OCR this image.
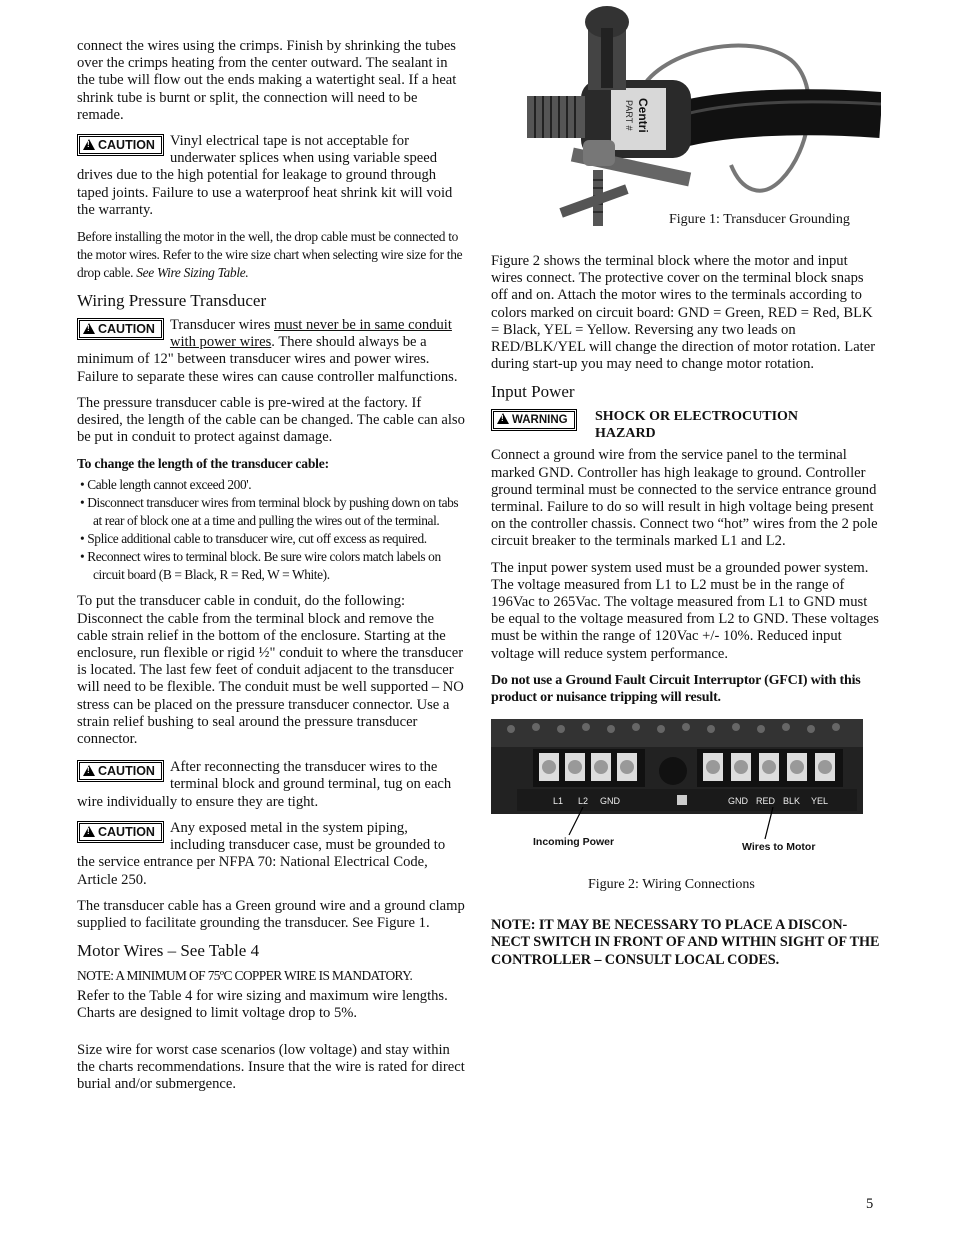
connect the wires using the crimps. Finish by shrinking the tubes over the crimps heating from the center outward. The sealant in the tube will flow out the ends making a watertight seal. If a heat shrink tube is burnt or split, the connection will need to be remade.

!CAUTION	Vinyl electrical tape is not acceptable for underwater splices when using variable speed drives due to the high potential for leakage to ground through taped joints. Failure to use a waterproof heat shrink kit will void the warranty.

Before installing the motor in the well, the drop cable must be connected to the motor wires. Refer to the wire size chart when selecting wire size for the drop cable. See Wire Sizing Table.

Wiring Pressure Transducer

!CAUTION	Transducer wires must never be in same conduit with power wires. There should always be a minimum of 12" between transducer wires and power wires. Failure to separate these wires can cause controller malfunctions.

The pressure transducer cable is pre-wired at the factory. If desired, the length of the cable can be changed. The cable can also be put in conduit to protect against damage.

To change the length of the transducer cable:
• Cable length cannot exceed 200'.
• Disconnect transducer wires from terminal block by pushing down on tabs at rear of block one at a time and pulling the wires out of the terminal.
• Splice additional cable to transducer wire, cut off excess as required.
• Reconnect wires to terminal block. Be sure wire colors match labels on circuit board (B = Black, R = Red, W = White).

To put the transducer cable in conduit, do the following: Disconnect the cable from the terminal block and remove the cable strain relief in the bottom of the enclosure. Starting at the enclosure, run flexible or rigid ½" conduit to where the transducer is located. The last few feet of conduit adjacent to the transducer will need to be flexible. The conduit must be well supported – NO stress can be placed on the pressure transducer connector. Use a strain relief bushing to seal around the pressure transducer connector.

!CAUTION	After reconnecting the transducer wires to the terminal block and ground terminal, tug on each wire individually to ensure they are tight.

!CAUTION	Any exposed metal in the system piping, including transducer case, must be grounded to the service entrance per NFPA 70: National Electrical Code, Article 250.

The transducer cable has a Green ground wire and a ground clamp supplied to facilitate grounding the transducer. See Figure 1.

Motor Wires – See Table 4

NOTE: A MINIMUM OF 75ºC COPPER WIRE IS MANDATORY.

Refer to the Table 4 for wire sizing and maximum wire lengths. Charts are designed to limit voltage drop to 5%.

Size wire for worst case scenarios (low voltage) and stay within the charts recommendations. Insure that the wire is rated for direct burial and/or submergence.

PART # Centri
Figure 1: Transducer Grounding

Figure 2 shows the terminal block where the motor and input wires connect. The protective cover on the terminal block snaps off and on. Attach the motor wires to the terminals according to colors marked on circuit board: GND = Green, RED = Red, BLK = Black, YEL = Yellow. Reversing any two leads on RED/BLK/YEL will change the direction of motor rotation. Later during start-up you may need to change motor rotation.

Input Power
!WARNING	SHOCK OR ELECTROCUTION HAZARD

Connect a ground wire from the service panel to the terminal marked GND. Controller has high leakage to ground. Controller ground terminal must be connected to the service entrance ground terminal. Failure to do so will result in high voltage being present on the controller chassis. Connect two “hot” wires from the 2 pole circuit breaker to the terminals marked L1 and L2.

The input power system used must be a grounded power system. The voltage measured from L1 to L2 must be in the range of 196Vac to 265Vac. The voltage measured from L1 to GND must be equal to the voltage measured from L2 to GND. These voltages must be within the range of 120Vac +/- 10%. Reduced input voltage will reduce system performance.

Do not use a Ground Fault Circuit Interruptor (GFCI) with this product or nuisance tripping will result.

L1 L2 GND	GND RED BLK YEL
Incoming Power	Wires to Motor
Figure 2: Wiring Connections

NOTE: IT MAY BE NECESSARY TO PLACE A DISCON-NECT SWITCH IN FRONT OF AND WITHIN SIGHT OF THE CONTROLLER – CONSULT LOCAL CODES.

5
